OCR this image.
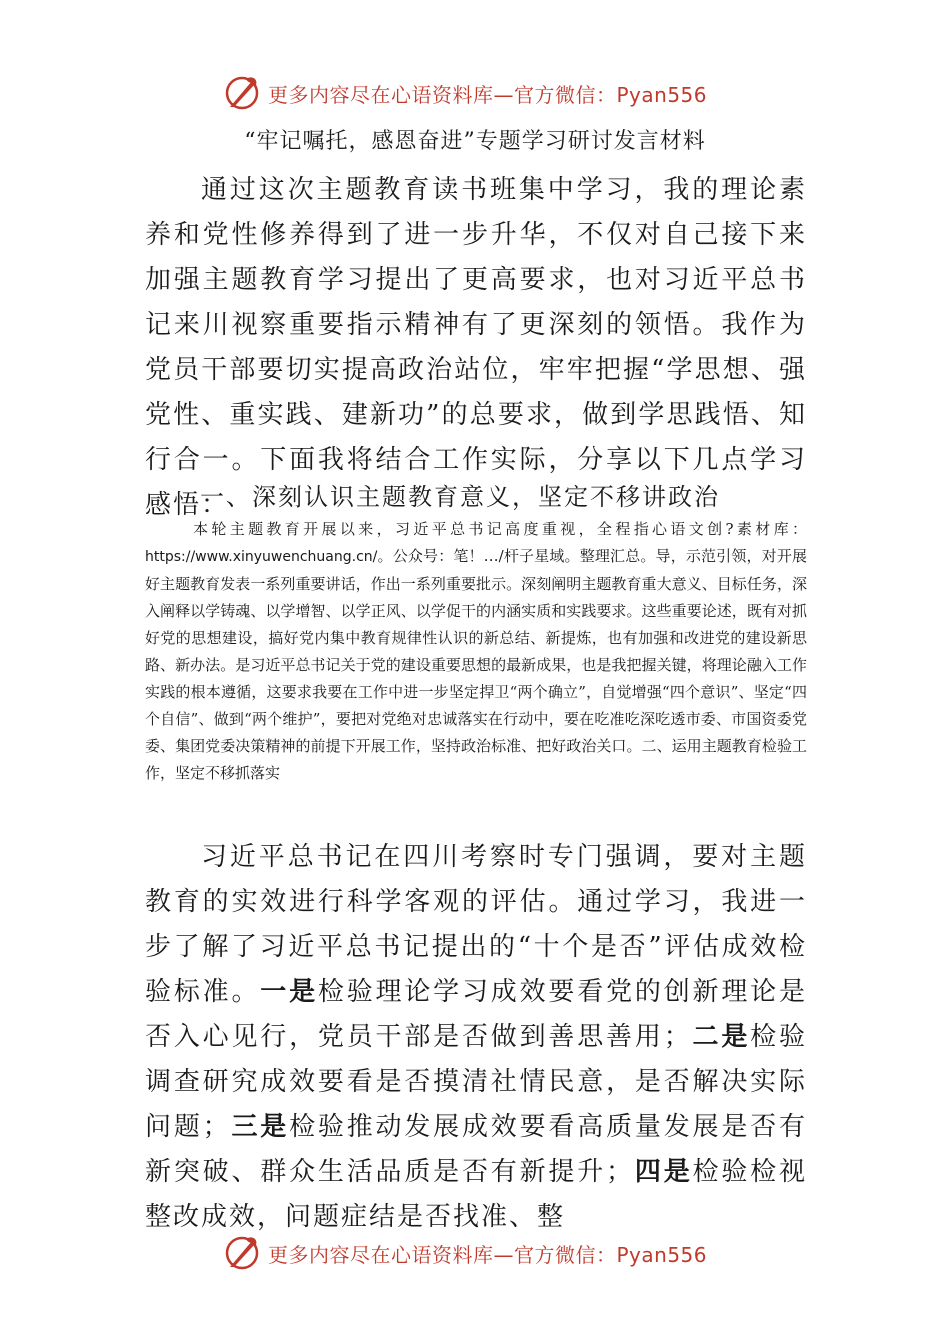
更多内容尽在心语资料库—官方微信：Pyan556
“牢记嘱托，感恩奋进”专题学习研讨发言材料

通过这次主题教育读书班集中学习，我的理论素养和党性修养得到了进一步升华，不仅对自己接下来加强主题教育学习提出了更高要求，也对习近平总书记来川视察重要指示精神有了更深刻的领悟。我作为党员干部要切实提高政治站位，牢牢把握“学思想、强党性、重实践、建新功”的总要求，做到学思践悟、知行合一。下面我将结合工作实际，分享以下几点学习感悟：

一、深刻认识主题教育意义，坚定不移讲政治

本轮主题教育开展以来，习近平总书记高度重视，全程指心语文创?素材库：https://www.xinyuwenchuang.cn/。公众号：笔！…/杆子星域。整理汇总。导，示范引领，对开展好主题教育发表一系列重要讲话，作出一系列重要批示。深刻阐明主题教育重大意义、目标任务，深入阐释以学铸魂、以学增智、以学正风、以学促干的内涵实质和实践要求。这些重要论述，既有对抓好党的思想建设，搞好党内集中教育规律性认识的新总结、新提炼，也有加强和改进党的建设新思路、新办法。是习近平总书记关于党的建设重要思想的最新成果，也是我把握关键，将理论融入工作实践的根本遵循，这要求我要在工作中进一步坚定捍卫“两个确立”，自觉增强“四个意识”、坚定“四个自信”、做到“两个维护”，要把对党绝对忠诚落实在行动中，要在吃准吃深吃透市委、市国资委党委、集团党委决策精神的前提下开展工作，坚持政治标准、把好政治关口。二、运用主题教育检验工作，坚定不移抓落实

习近平总书记在四川考察时专门强调，要对主题教育的实效进行科学客观的评估。通过学习，我进一步了解了习近平总书记提出的“十个是否”评估成效检验标准。一是检验理论学习成效要看党的创新理论是否入心见行，党员干部是否做到善思善用；二是检验调查研究成效要看是否摸清社情民意，是否解决实际问题；三是检验推动发展成效要看高质量发展是否有新突破、群众生活品质是否有新提升；四是检验检视整改成效，问题症结是否找准、整

更多内容尽在心语资料库—官方微信：Pyan556
